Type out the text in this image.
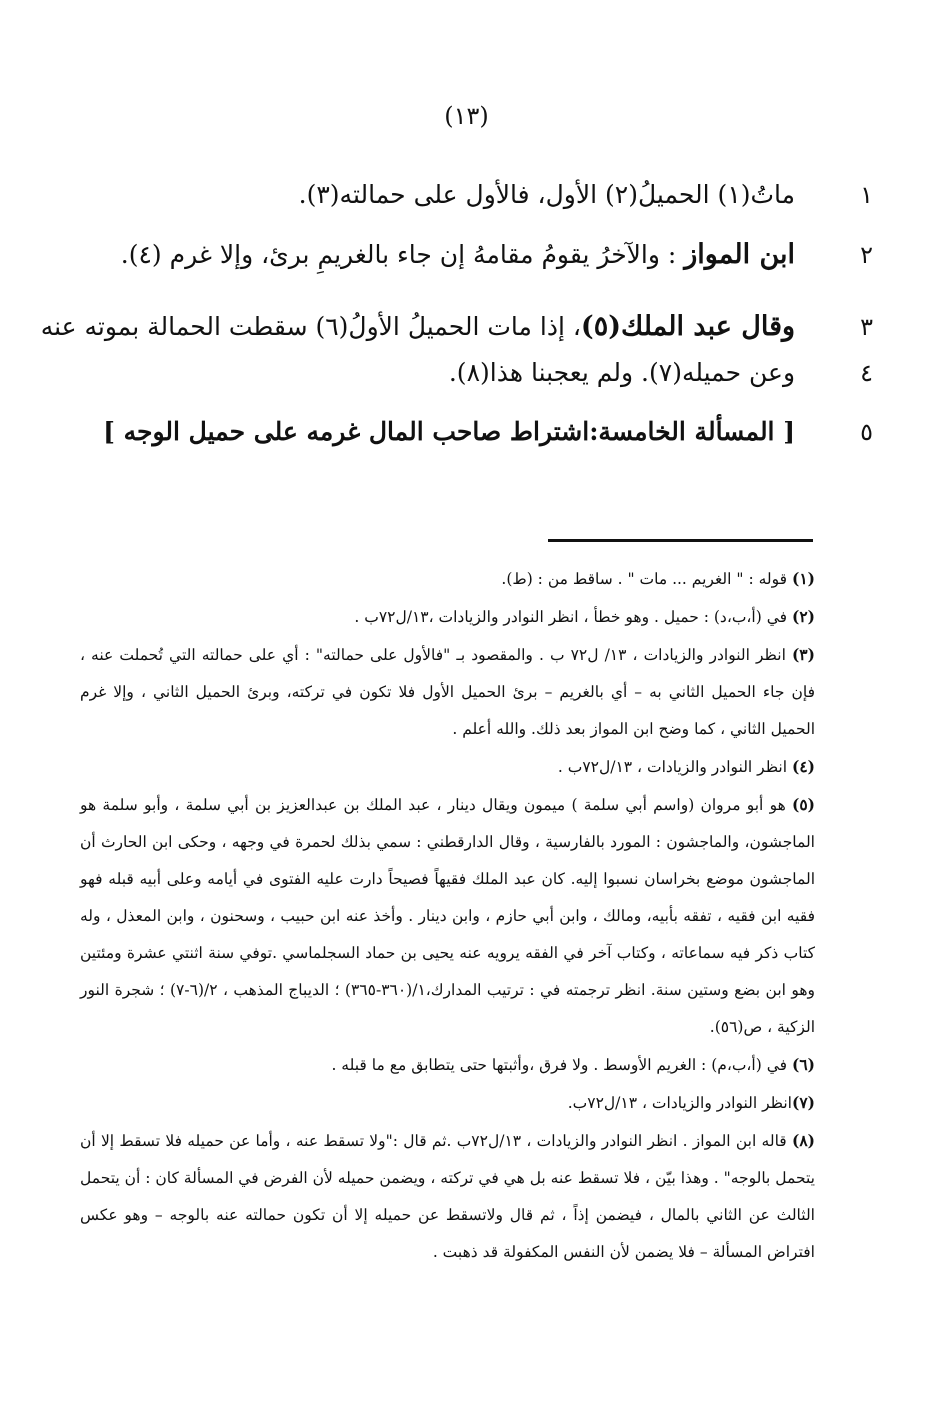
(١٣)
١ ماتُ(١) الحميلُ(٢) الأول، فالأول على حمالته(٣).
٢ ابن المواز : والآخرُ يقومُ مقامهُ إن جاء بالغريمِ برئ، وإلا غرم (٤).
٣ وقال عبد الملك(٥)، إذا مات الحميلُ الأولُ(٦) سقطت الحمالة بموته عنه
٤ وعن حميله(٧). ولم يعجبنا هذا(٨).
٥ [ المسألة الخامسة:اشتراط صاحب المال غرمه على حميل الوجه ]

(١) قوله : " الغريم ... مات " . ساقط من : (ط).

(٢) في (أ،ب،د) : حميل . وهو خطأ ، انظر النوادر والزيادات ،١٣/ل٧٢ب .

(٣) انظر النوادر والزيادات ، ١٣/ ل٧٢ ب . والمقصود بـ "فالأول على حمالته" : أي على حمالته التي تُحملت عنه ، فإن جاء الحميل الثاني به – أي بالغريم – برئ الحميل الأول فلا تكون في تركته، وبرئ الحميل الثاني ، وإلا غرم الحميل الثاني ، كما وضح ابن المواز بعد ذلك. والله أعلم .

(٤) انظر النوادر والزيادات ، ١٣/ل٧٢ب .

(٥) هو أبو مروان (واسم أبي سلمة ) ميمون ويقال دينار ، عبد الملك بن عبدالعزيز بن أبي سلمة ، وأبو سلمة هو الماجشون، والماجشون : المورد بالفارسية ، وقال الدارقطني : سمي بذلك لحمرة في وجهه ، وحكى ابن الحارث أن الماجشون موضع بخراسان نسبوا إليه. كان عبد الملك فقيهاً فصيحاً دارت عليه الفتوى في أيامه وعلى أبيه قبله فهو فقيه ابن فقيه ، تفقه بأبيه، ومالك ، وابن أبي حازم ، وابن دينار . وأخذ عنه ابن حبيب ، وسحنون ، وابن المعذل ، وله كتاب ذكر فيه سماعاته ، وكتاب آخر في الفقه يرويه عنه يحيى بن حماد السجلماسي .توفي سنة اثنتي عشرة ومئتين وهو ابن بضع وستين سنة. انظر ترجمته في : ترتيب المدارك،١/(٣٦٠-٣٦٥) ؛ الديباج المذهب ، ٢/(٦-٧) ؛ شجرة النور الزكية ، ص(٥٦).

(٦) في (أ،ب،م) : الغريم الأوسط . ولا فرق ،وأثبتها حتى يتطابق مع ما قبله .

(٧)انظر النوادر والزيادات ، ١٣/ل٧٢ب.

(٨) قاله ابن المواز . انظر النوادر والزيادات ، ١٣/ل٧٢ب .ثم قال :"ولا تسقط عنه ، وأما عن حميله فلا تسقط إلا أن يتحمل بالوجه" . وهذا بيّن ، فلا تسقط عنه بل هي في تركته ، ويضمن حميله لأن الفرض في المسألة كان : أن يتحمل الثالث عن الثاني بالمال ، فيضمن إذاً ، ثم قال ولاتسقط عن حميله إلا أن تكون حمالته عنه بالوجه – وهو عكس افتراض المسألة – فلا يضمن لأن النفس المكفولة قد ذهبت .
